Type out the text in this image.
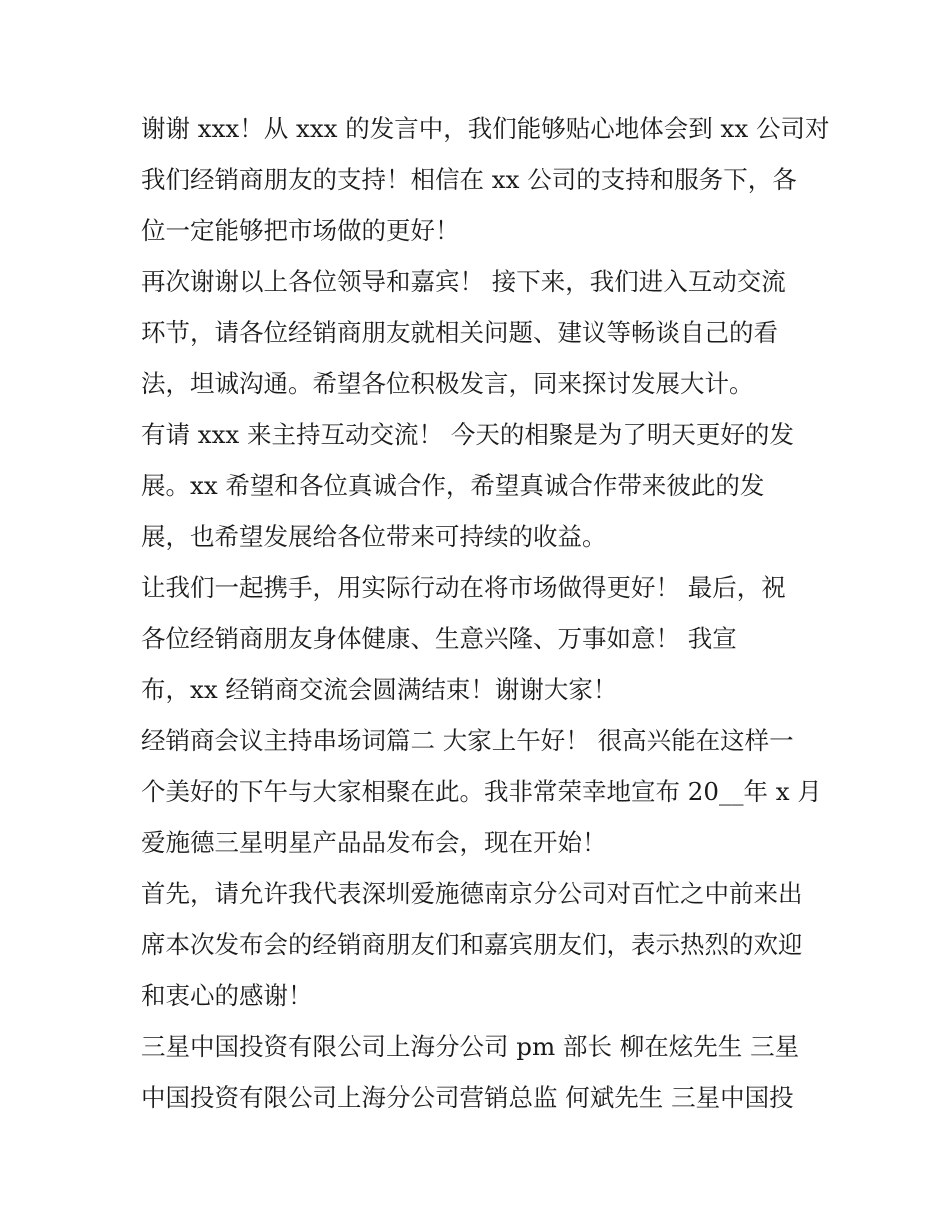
谢谢 xxx！从 xxx 的发言中，我们能够贴心地体会到 xx 公司对
我们经销商朋友的支持！相信在 xx 公司的支持和服务下，各
位一定能够把市场做的更好！
再次谢谢以上各位领导和嘉宾！ 接下来，我们进入互动交流
环节，请各位经销商朋友就相关问题、建议等畅谈自己的看
法，坦诚沟通。希望各位积极发言，同来探讨发展大计。
有请 xxx 来主持互动交流！ 今天的相聚是为了明天更好的发
展。xx 希望和各位真诚合作，希望真诚合作带来彼此的发
展，也希望发展给各位带来可持续的收益。
让我们一起携手，用实际行动在将市场做得更好！ 最后，祝
各位经销商朋友身体健康、生意兴隆、万事如意！ 我宣
布，xx 经销商交流会圆满结束！谢谢大家！
经销商会议主持串场词篇二 大家上午好！ 很高兴能在这样一
个美好的下午与大家相聚在此。我非常荣幸地宣布 20__年 x 月
爱施德三星明星产品品发布会，现在开始！
首先，请允许我代表深圳爱施德南京分公司对百忙之中前来出
席本次发布会的经销商朋友们和嘉宾朋友们，表示热烈的欢迎
和衷心的感谢！
三星中国投资有限公司上海分公司 pm 部长 柳在炫先生 三星
中国投资有限公司上海分公司营销总监 何斌先生 三星中国投
